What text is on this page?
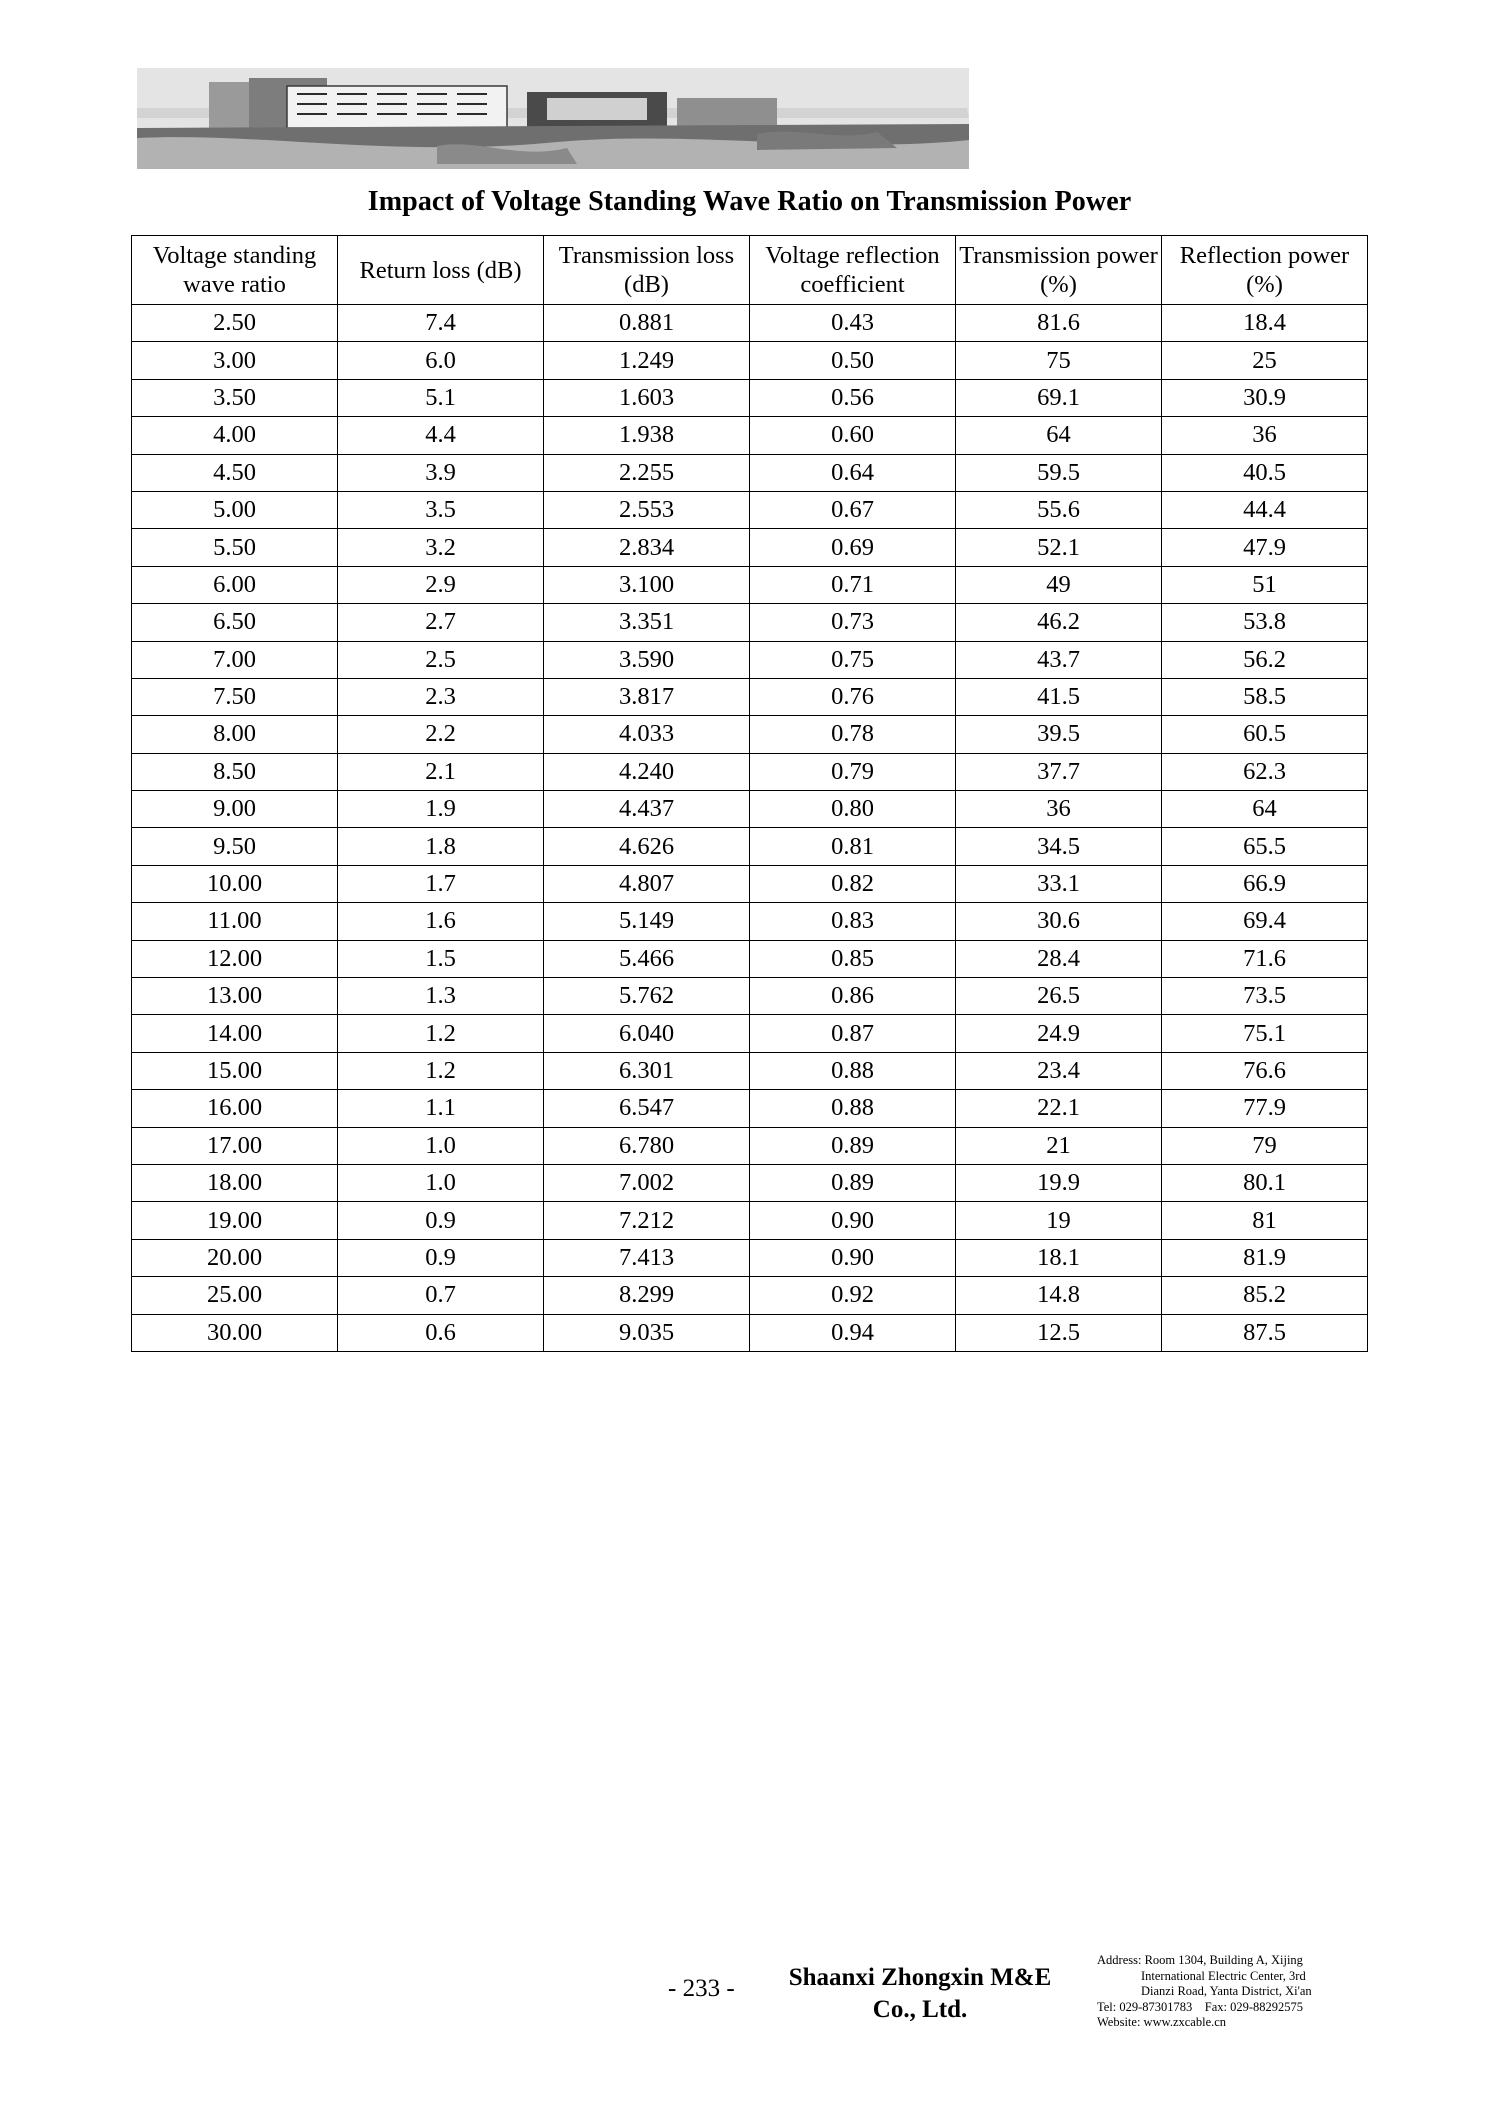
Impact of Voltage Standing Wave Ratio on Transmission Power
Voltage standing wave ratio	Return loss (dB)	Transmission loss (dB)	Voltage reflection coefficient	Transmission power (%)	Reflection power (%)
2.50	7.4	0.881	0.43	81.6	18.4
3.00	6.0	1.249	0.50	75	25
3.50	5.1	1.603	0.56	69.1	30.9
4.00	4.4	1.938	0.60	64	36
4.50	3.9	2.255	0.64	59.5	40.5
5.00	3.5	2.553	0.67	55.6	44.4
5.50	3.2	2.834	0.69	52.1	47.9
6.00	2.9	3.100	0.71	49	51
6.50	2.7	3.351	0.73	46.2	53.8
7.00	2.5	3.590	0.75	43.7	56.2
7.50	2.3	3.817	0.76	41.5	58.5
8.00	2.2	4.033	0.78	39.5	60.5
8.50	2.1	4.240	0.79	37.7	62.3
9.00	1.9	4.437	0.80	36	64
9.50	1.8	4.626	0.81	34.5	65.5
10.00	1.7	4.807	0.82	33.1	66.9
11.00	1.6	5.149	0.83	30.6	69.4
12.00	1.5	5.466	0.85	28.4	71.6
13.00	1.3	5.762	0.86	26.5	73.5
14.00	1.2	6.040	0.87	24.9	75.1
15.00	1.2	6.301	0.88	23.4	76.6
16.00	1.1	6.547	0.88	22.1	77.9
17.00	1.0	6.780	0.89	21	79
18.00	1.0	7.002	0.89	19.9	80.1
19.00	0.9	7.212	0.90	19	81
20.00	0.9	7.413	0.90	18.1	81.9
25.00	0.7	8.299	0.92	14.8	85.2
30.00	0.6	9.035	0.94	12.5	87.5
- 233 -	Shaanxi Zhongxin M&E
Co., Ltd.
Address: Room 1304, Building A, Xijing
International Electric Center, 3rd
Dianzi Road, Yanta District, Xi'an
Tel: 029-87301783    Fax: 029-88292575
Website: www.zxcable.cn
